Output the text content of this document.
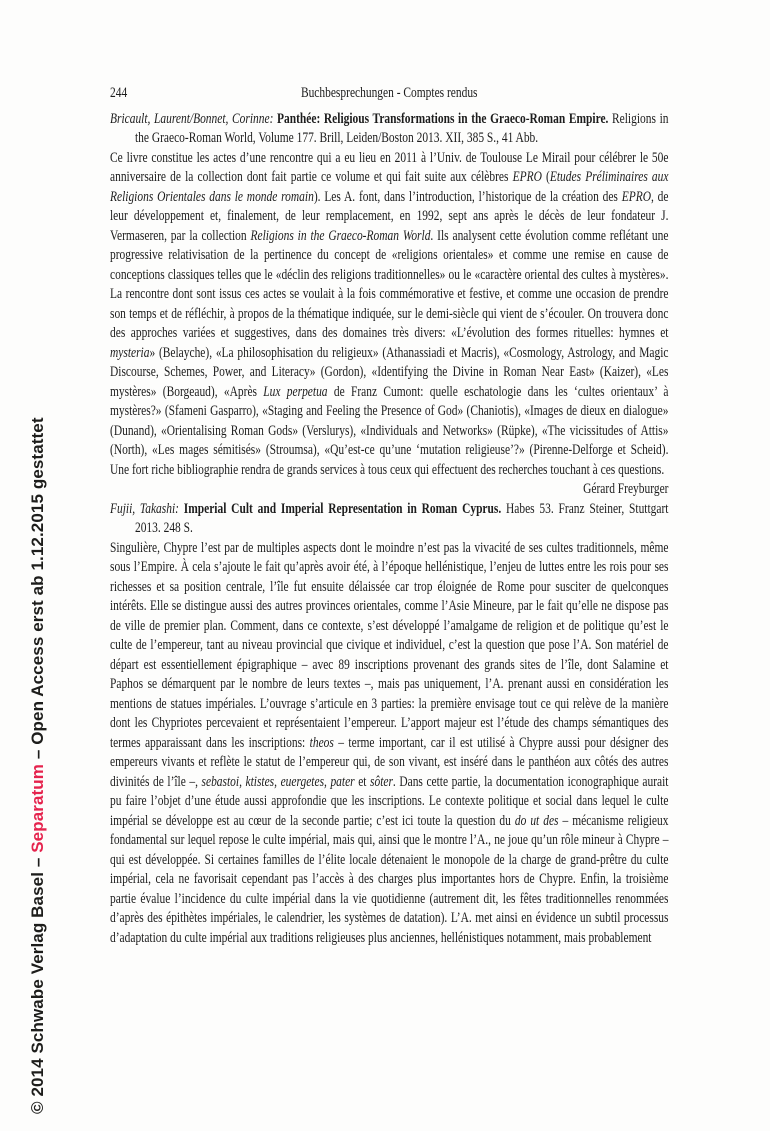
© 2014 Schwabe Verlag Basel – Separatum – Open Access erst ab 1.12.2015 gestattet
244	Buchbesprechungen - Comptes rendus

Bricault, Laurent/Bonnet, Corinne: Panthée: Religious Transformations in the Graeco-Roman Empire. Religions in the Graeco-Roman World, Volume 177. Brill, Leiden/Boston 2013. XII, 385 S., 41 Abb.

Ce livre constitue les actes d’une rencontre qui a eu lieu en 2011 à l’Univ. de Toulouse Le Mirail pour célébrer le 50e anniversaire de la collection dont fait partie ce volume et qui fait suite aux célèbres EPRO (Etudes Préliminaires aux Religions Orientales dans le monde romain). Les A. font, dans l’introduction, l’historique de la création des EPRO, de leur développement et, finalement, de leur remplacement, en 1992, sept ans après le décès de leur fondateur J. Vermaseren, par la collection Religions in the Graeco-Roman World. Ils analysent cette évolution comme reflétant une progressive relativisation de la pertinence du concept de «religions orientales» et comme une remise en cause de conceptions classiques telles que le «déclin des religions traditionnelles» ou le «caractère oriental des cultes à mystères». La rencontre dont sont issus ces actes se voulait à la fois commémorative et festive, et comme une occasion de prendre son temps et de réfléchir, à propos de la thématique indiquée, sur le demi-siècle qui vient de s’écouler. On trouvera donc des approches variées et suggestives, dans des domaines très divers: «L’évolution des formes rituelles: hymnes et mysteria» (Belayche), «La philosophisation du religieux» (Athanassiadi et Macris), «Cosmology, Astrology, and Magic Discourse, Schemes, Power, and Literacy» (Gordon), «Identifying the Divine in Roman Near East» (Kaizer), «Les mystères» (Borgeaud), «Après Lux perpetua de Franz Cumont: quelle eschatologie dans les ‘cultes orientaux’ à mystères?» (Sfameni Gasparro), «Staging and Feeling the Presence of God» (Chaniotis), «Images de dieux en dialogue» (Dunand), «Orientalising Roman Gods» (Verslurys), «Individuals and Networks» (Rüpke), «The vicissitudes of Attis» (North), «Les mages sémitisés» (Stroumsa), «Qu’est-ce qu’une ‘mutation religieuse’?» (Pirenne-Delforge et Scheid). Une fort riche bibliographie rendra de grands services à tous ceux qui effectuent des recherches touchant à ces questions.
Gérard Freyburger

Fujii, Takashi: Imperial Cult and Imperial Representation in Roman Cyprus. Habes 53. Franz Steiner, Stuttgart 2013. 248 S.

Singulière, Chypre l’est par de multiples aspects dont le moindre n’est pas la vivacité de ses cultes traditionnels, même sous l’Empire. À cela s’ajoute le fait qu’après avoir été, à l’époque hellénistique, l’enjeu de luttes entre les rois pour ses richesses et sa position centrale, l’île fut ensuite délaissée car trop éloignée de Rome pour susciter de quelconques intérêts. Elle se distingue aussi des autres provinces orientales, comme l’Asie Mineure, par le fait qu’elle ne dispose pas de ville de premier plan. Comment, dans ce contexte, s’est développé l’amalgame de religion et de politique qu’est le culte de l’empereur, tant au niveau provincial que civique et individuel, c’est la question que pose l’A. Son matériel de départ est essentiellement épigraphique – avec 89 inscriptions provenant des grands sites de l’île, dont Salamine et Paphos se démarquent par le nombre de leurs textes –, mais pas uniquement, l’A. prenant aussi en considération les mentions de statues impériales. L’ouvrage s’articule en 3 parties: la première envisage tout ce qui relève de la manière dont les Chypriotes percevaient et représentaient l’empereur. L’apport majeur est l’étude des champs sémantiques des termes apparaissant dans les inscriptions: theos – terme important, car il est utilisé à Chypre aussi pour désigner des empereurs vivants et reflète le statut de l’empereur qui, de son vivant, est inséré dans le panthéon aux côtés des autres divinités de l’île –, sebastoi, ktistes, euergetes, pater et sôter. Dans cette partie, la documentation iconographique aurait pu faire l’objet d’une étude aussi approfondie que les inscriptions. Le contexte politique et social dans lequel le culte impérial se développe est au cœur de la seconde partie; c’est ici toute la question du do ut des – mécanisme religieux fondamental sur lequel repose le culte impérial, mais qui, ainsi que le montre l’A., ne joue qu’un rôle mineur à Chypre – qui est développée. Si certaines familles de l’élite locale détenaient le monopole de la charge de grand-prêtre du culte impérial, cela ne favorisait cependant pas l’accès à des charges plus importantes hors de Chypre. Enfin, la troisième partie évalue l’incidence du culte impérial dans la vie quotidienne (autrement dit, les fêtes traditionnelles renommées d’après des épithètes impériales, le calendrier, les systèmes de datation). L’A. met ainsi en évidence un subtil processus d’adaptation du culte impérial aux traditions religieuses plus anciennes, hellénistiques notamment, mais probablement
